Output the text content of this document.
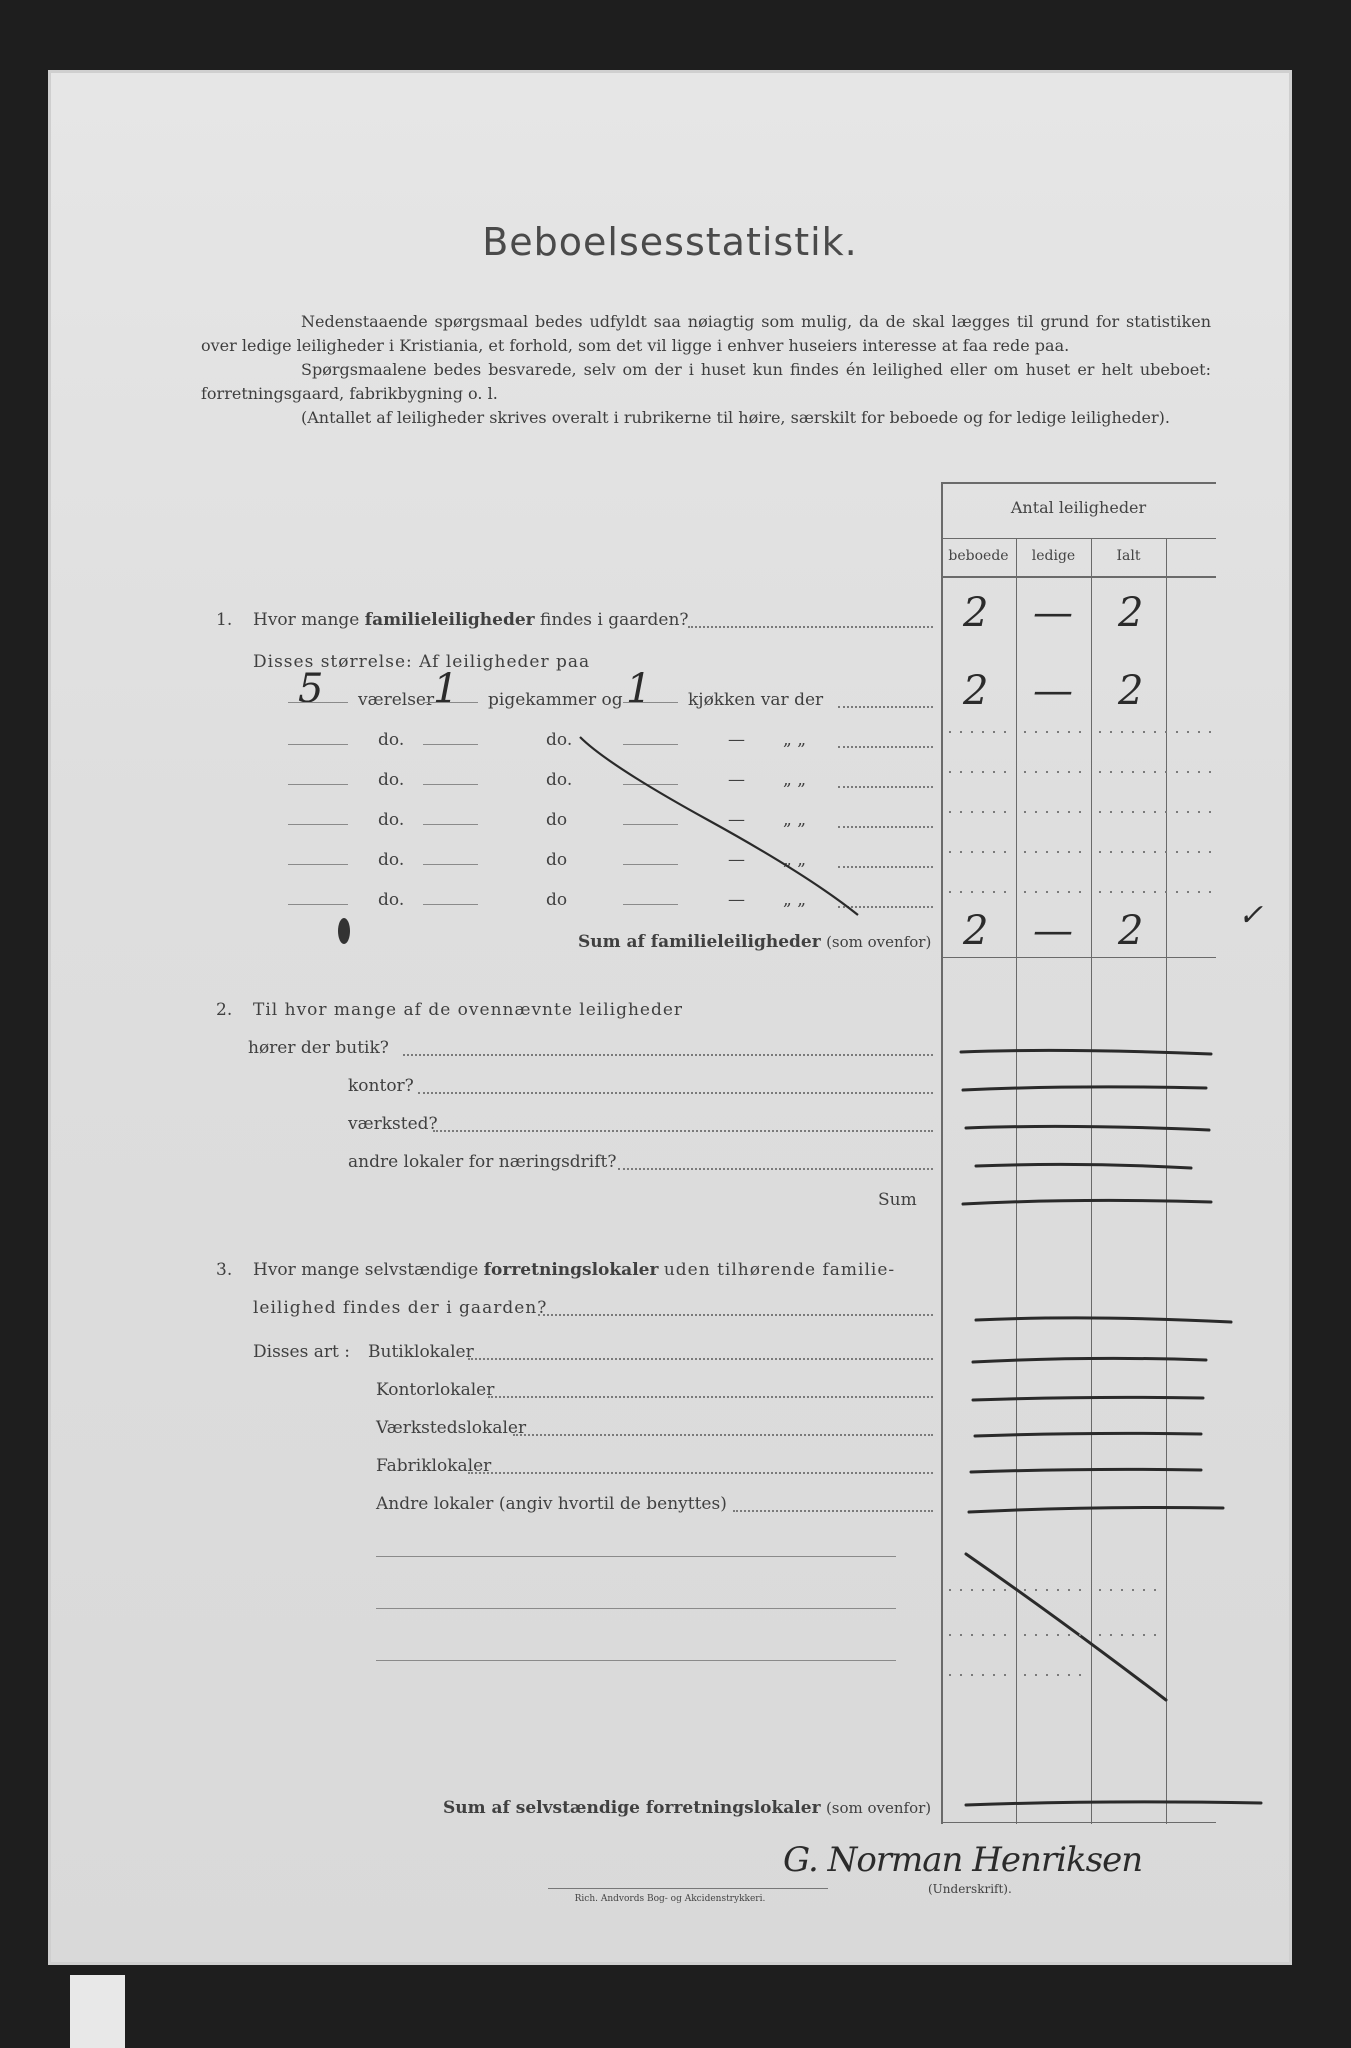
Beboelsesstatistik.

Nedenstaaende spørgsmaal bedes udfyldt saa nøiagtig som mulig, da de skal lægges til grund for statistiken over ledige leiligheder i Kristiania, et forhold, som det vil ligge i enhver huseiers interesse at faa rede paa.

Spørgsmaalene bedes besvarede, selv om der i huset kun findes én leilighed eller om huset er helt ubeboet: forretningsgaard, fabrikbygning o. l.

(Antallet af leiligheder skrives overalt i rubrikerne til høire, særskilt for beboede og for ledige leiligheder).

Antal leiligheder
beboede	ledige	Ialt
1. Hvor mange familieleiligheder findes i gaarden?	2 — 2
Disses størrelse: Af leiligheder paa
5 værelser
1 pigekammer og 1 kjøkken var der	2 — 2
do.	do.	— „ „
do.	do.	— „ „
do.	do	— „ „
do.	do	— „ „
do.	do	— „ „
Sum af familieleiligheder (som ovenfor) 2 — 2	✓
2. Til hvor mange af de ovennævnte leiligheder
hører der butik?
kontor?
værksted?
andre lokaler for næringsdrift?
Sum
3. Hvor mange selvstændige forretningslokaler uden tilhørende familie-
leilighed findes der i gaarden?
Disses art : Butiklokaler
Kontorlokaler
Værkstedslokaler
Fabriklokaler
Andre lokaler (angiv hvortil de benyttes)
Sum af selvstændige forretningslokaler (som ovenfor)
G. Norman Henriksen
(Underskrift).
Rich. Andvords Bog- og Akcidenstrykkeri.
